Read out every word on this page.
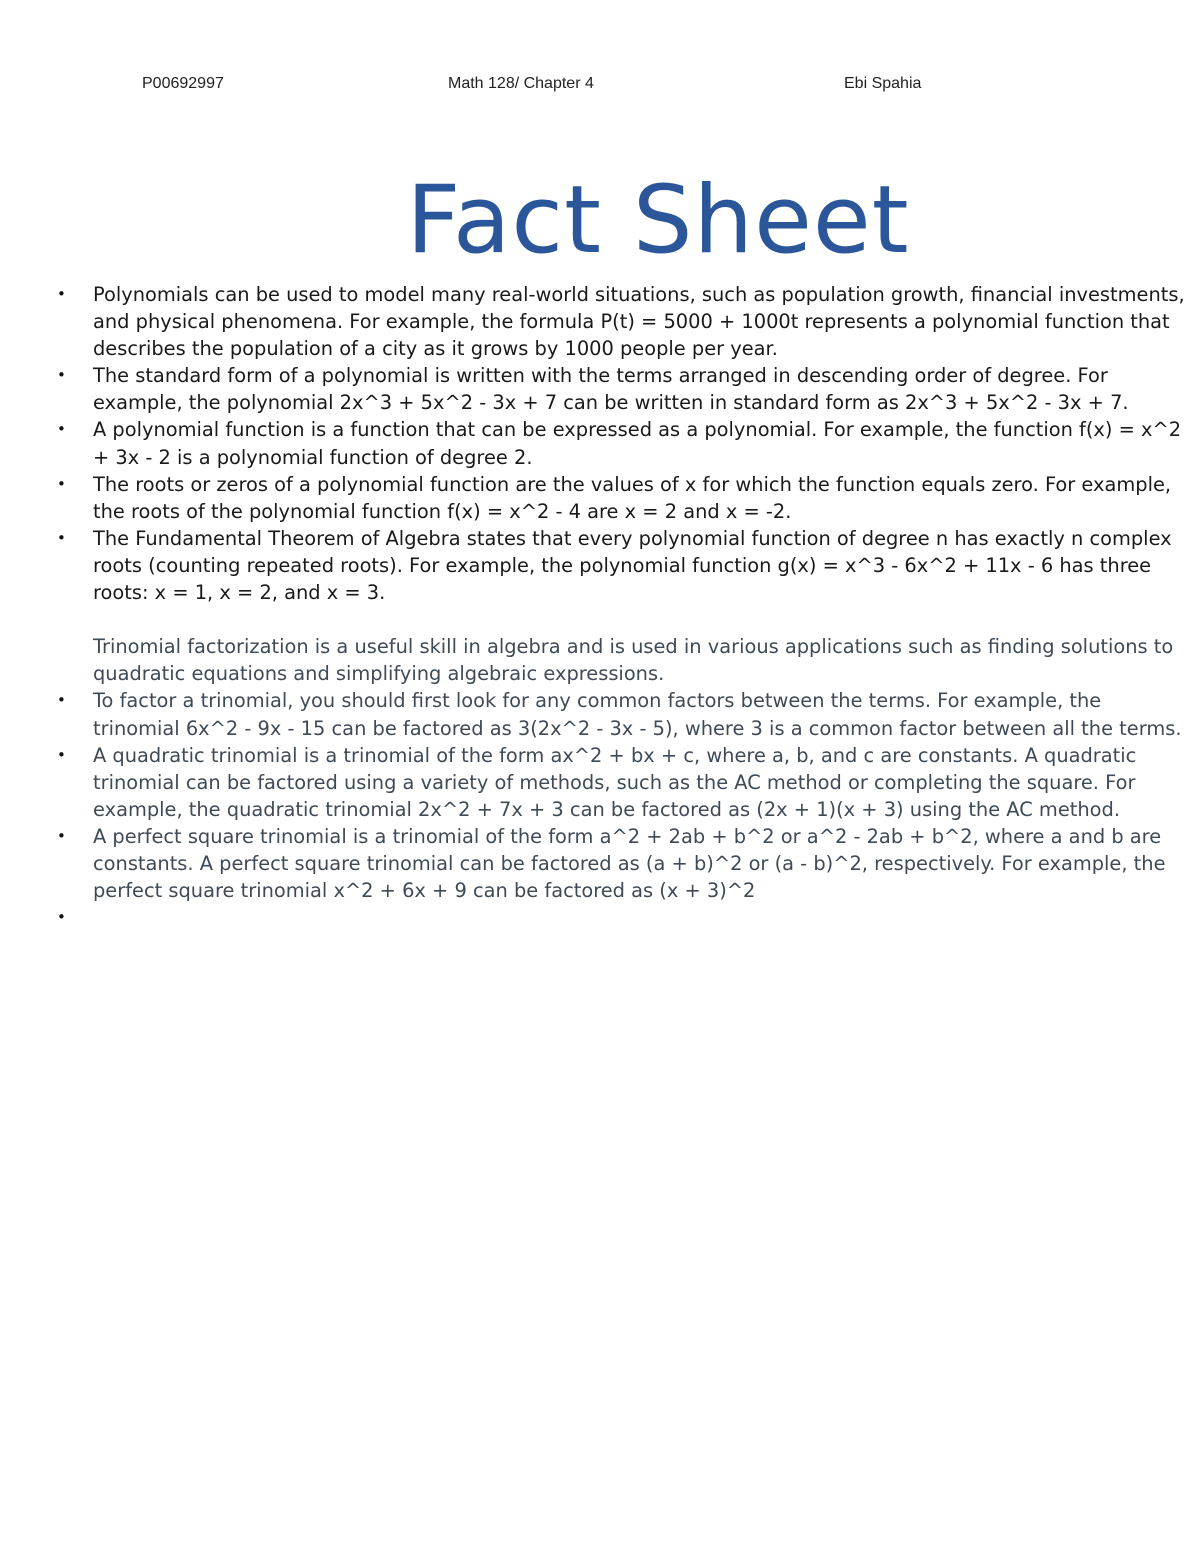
P00692997	Math 128/ Chapter 4	Ebi Spahia
Fact Sheet
• Polynomials can be used to model many real-world situations, such as population growth, financial investments, and physical phenomena. For example, the formula P(t) = 5000 + 1000t represents a polynomial function that describes the population of a city as it grows by 1000 people per year.
• The standard form of a polynomial is written with the terms arranged in descending order of degree. For example, the polynomial 2x^3 + 5x^2 - 3x + 7 can be written in standard form as 2x^3 + 5x^2 - 3x + 7.
• A polynomial function is a function that can be expressed as a polynomial. For example, the function f(x) = x^2 + 3x - 2 is a polynomial function of degree 2.
• The roots or zeros of a polynomial function are the values of x for which the function equals zero. For example, the roots of the polynomial function f(x) = x^2 - 4 are x = 2 and x = -2.
• The Fundamental Theorem of Algebra states that every polynomial function of degree n has exactly n complex roots (counting repeated roots). For example, the polynomial function g(x) = x^3 - 6x^2 + 11x - 6 has three roots: x = 1, x = 2, and x = 3.

Trinomial factorization is a useful skill in algebra and is used in various applications such as finding solutions to quadratic equations and simplifying algebraic expressions.

• To factor a trinomial, you should first look for any common factors between the terms. For example, the trinomial 6x^2 - 9x - 15 can be factored as 3(2x^2 - 3x - 5), where 3 is a common factor between all the terms.
• A quadratic trinomial is a trinomial of the form ax^2 + bx + c, where a, b, and c are constants. A quadratic trinomial can be factored using a variety of methods, such as the AC method or completing the square. For example, the quadratic trinomial 2x^2 + 7x + 3 can be factored as (2x + 1)(x + 3) using the AC method.
• A perfect square trinomial is a trinomial of the form a^2 + 2ab + b^2 or a^2 - 2ab + b^2, where a and b are constants. A perfect square trinomial can be factored as (a + b)^2 or (a - b)^2, respectively. For example, the perfect square trinomial x^2 + 6x + 9 can be factored as (x + 3)^2
•
